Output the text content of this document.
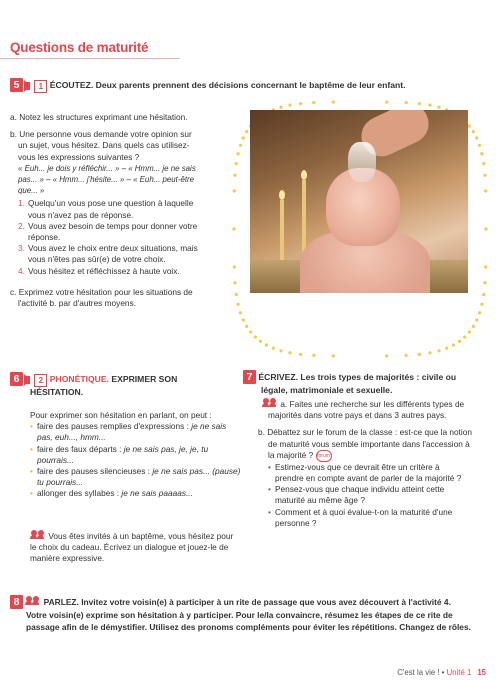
Questions de maturité
5	1 ÉCOUTEZ. Deux parents prennent des décisions concernant le baptême de leur enfant.
a. Notez les structures exprimant une hésitation.
b. Une personne vous demande votre opinion sur
un sujet, vous hésitez. Dans quels cas utilisez-
vous les expressions suivantes ?
« Euh... je dois y réfléchir... » – « Hmm... je ne sais
pas... » – « Hmm... j'hésite... » – « Euh... peut-être
que... »
1. Quelqu'un vous pose une question à laquelle
vous n'avez pas de réponse.
2. Vous avez besoin de temps pour donner votre
réponse.
3. Vous avez le choix entre deux situations, mais
vous n'êtes pas sûr(e) de votre choix.
4. Vous hésitez et réfléchissez à haute voix.
c. Exprimez votre hésitation pour les situations de
l'activité b. par d'autres moyens.
6	2 PHONÉTIQUE. EXPRIMER SON
HÉSITATION.
Pour exprimer son hésitation en parlant, on peut :
• faire des pauses remplies d'expressions : je ne sais
pas, euh..., hmm...
• faire des faux départs : je ne sais pas, je, je, tu
pourrais...
• faire des pauses silencieuses : je ne sais pas... (pause)
tu pourrais...
• allonger des syllabes : je ne sais paaaas...
Vous êtes invités à un baptême, vous hésitez pour
le choix du cadeau. Écrivez un dialogue et jouez-le de
manière expressive.
7 ÉCRIVEZ. Les trois types de majorités : civile ou
légale, matrimoniale et sexuelle.
a. Faites une recherche sur les différents types de
majorités dans votre pays et dans 3 autres pays.
b. Débattez sur le forum de la classe : est-ce que la notion
de maturité vous semble importante dans l'accession à
la majorité ? forum
• Estimez-vous que ce devrait être un critère à
prendre en compte avant de parler de la majorité ?
• Pensez-vous que chaque individu atteint cette
maturité au même âge ?
• Comment et à quoi évalue-t-on la maturité d'une
personne ?
8	PARLEZ. Invitez votre voisin(e) à participer à un rite de passage que vous avez découvert à l'activité 4.
Votre voisin(e) exprime son hésitation à y participer. Pour le/la convaincre, résumez les étapes de ce rite de
passage afin de le démystifier. Utilisez des pronoms compléments pour éviter les répétitions. Changez de rôles.
C'est la vie ! • Unité 1 15
